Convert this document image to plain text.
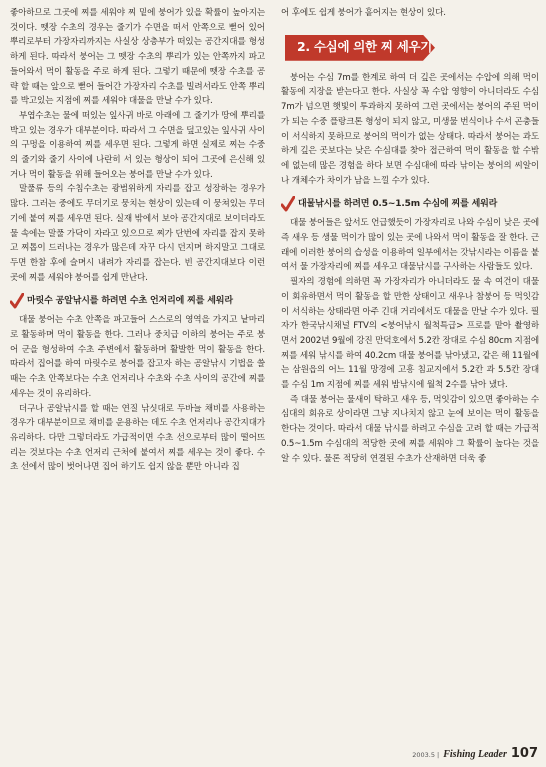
좋아하므로 그곳에 찌를 세워야 찌 밑에 붕어가 있을 확률이 높아지는 것이다. 뗏장 수초의 경우는 줄기가 수면을 떠서 안쪽으로 뻗어 있어 뿌리로부터 가장자리까지는 사실상 상층부가 떠있는 공간지대를 형성하게 된다. 따라서 붕어는 그 뗏장 수초의 뿌리가 있는 안쪽까지 파고 들어와서 먹이 활동을 주로 하게 된다. 그렇기 때문에 뗏장 수초를 공략 할 때는 앞으로 뻗어 들어간 가장자리 수초를 빌려서라도 안쪽 뿌리를 박고있는 지점에 찌를 세워야 대물을 만날 수가 있다.

부엽수초는 물에 떠있는 잎사귀 바로 아래에 그 줄기가 땅에 뿌리를 박고 있는 경우가 대부분이다. 따라서 그 수면을 덮고있는 잎사귀 사이의 구멍을 이용하여 찌를 세우면 된다. 그렇게 하면 실제로 찌는 수중의 줄기와 줄기 사이에 나란히 서 있는 형상이 되어 그곳에 은신해 있거나 먹이 활동을 위해 들어오는 붕어를 만날 수가 있다.

말풀류 등의 수침수초는 광범위하게 자리를 잡고 성장하는 경우가 많다. 그러는 중에도 무더기로 뭉치는 현상이 있는데 이 뭉쳐있는 무더기에 붙여 찌를 세우면 된다. 실재 밖에서 보아 공간지대로 보이더라도 물 속에는 말풀 가닥이 자라고 있으므로 찌가 단번에 자리를 잡지 못하고 찌톱이 드러나는 경우가 많은데 자꾸 다시 던지며 하지말고 그대로 두면 한참 후에 슬며시 내려가 자리를 잡는다. 빈 공간지대보다 이런 곳에 찌를 세워야 붕어를 쉽게 만난다.

마릿수 공알낚시를 하려면 수초 언저리에 찌를 세워라

대물 붕어는 수초 안쪽을 파고들어 스스로의 영역을 가지고 낱마리로 활동하며 먹이 활동을 한다. 그러나 중치급 이하의 붕어는 주로 붕어 군을 형성하여 수초 주변에서 활동하며 활발한 먹이 활동을 한다. 따라서 집어를 하여 마릿수로 붕어를 잡고자 하는 공알낚시 기법을 쓸 때는 수초 안쪽보다는 수초 언저리나 수초와 수초 사이의 공간에 찌를 세우는 것이 유리하다.

더구나 공알낚시를 할 때는 연질 낚싯대로 두바늘 채비를 사용하는 경우가 대부분이므로 채비를 운용하는 데도 수초 언저리나 공간지대가 유리하다. 다만 그렇더라도 가급적이면 수초 선으로부터 많이 떨어뜨리는 것보다는 수초 언저리 근처에 붙여서 찌를 세우는 것이 좋다. 수초 선에서 많이 벗어나면 집어 하기도 쉽지 않을 뿐만 아니라 집

어 후에도 쉽게 붕어가 흩어지는 현상이 있다.

2. 수심에 의한 찌 세우기

붕어는 수심 7m를 한계로 하여 더 깊은 곳에서는 수압에 의해 먹이 활동에 지장을 받는다고 한다. 사실상 꼭 수압 영향이 아니더라도 수심 7m가 넘으면 햇빛이 투과하지 못하여 그런 곳에서는 붕어의 주된 먹이가 되는 수중 플랑크톤 형성이 되지 않고, 미생물 번식이나 수서 곤충들이 서식하지 못하므로 붕어의 먹이가 없는 상태다. 따라서 붕어는 과도하게 깊은 곳보다는 낮은 수심대를 찾아 접근하여 먹이 활동을 할 수밖에 없는데 많은 경험을 하다 보면 수심대에 따라 낚이는 붕어의 씨알이나 개체수가 차이가 남을 느낄 수가 있다.

대물낚시를 하려면 0.5~1.5m 수심에 찌를 세워라

대물 붕어들은 앞서도 언급했듯이 가장자리로 나와 수심이 낮은 곳에 즉 새우 등 생물 먹이가 많이 있는 곳에 나와서 먹이 활동을 잘 한다. 근래에 이러한 붕어의 습성을 이용하여 일부에서는 갓낚시라는 이름을 붙여서 물 가장자리에 찌를 세우고 대물낚시를 구사하는 사람들도 있다.

필자의 경험에 의하면 꼭 가장자리가 아니더라도 물 속 여건이 대물이 회유하면서 먹이 활동을 할 만한 상태이고 새우나 참붕어 등 먹잇감이 서식하는 상태라면 아주 긴대 거리에서도 대물을 만날 수가 있다. 필자가 한국낚시채널 FTV의 <붕어낚시 월척특급> 프로를 맡아 촬영하면서 2002년 9월에 강진 만덕호에서 5.2칸 장대로 수심 80cm 지점에 찌를 세워 낚시를 하여 40.2cm 대물 붕어를 낚아냈고, 같은 해 11월에는 삼원읍의 어느 11월 망경에 고흥 침교지에서 5.2칸 과 5.5칸 장대를 수심 1m 지점에 찌를 세워 밤낚시에 월척 2수를 낚아 냈다.

즉 대물 붕어는 물새이 탁하고 새우 등, 먹잇감이 있으면 좋아하는 수심대의 회유로 상이라면 그냥 지나치지 않고 눈에 보이는 먹이 활동을 한다는 것이다. 따라서 대물 낚시를 하려고 수심을 고려 할 때는 가급적 0.5~1.5m 수심대의 적당한 곳에 찌를 세워야 그 확률이 높다는 것을 알 수 있다. 물론 적당히 연결된 수초가 산재하면 더욱 좋

2003.5 | Fishing Leader 107
